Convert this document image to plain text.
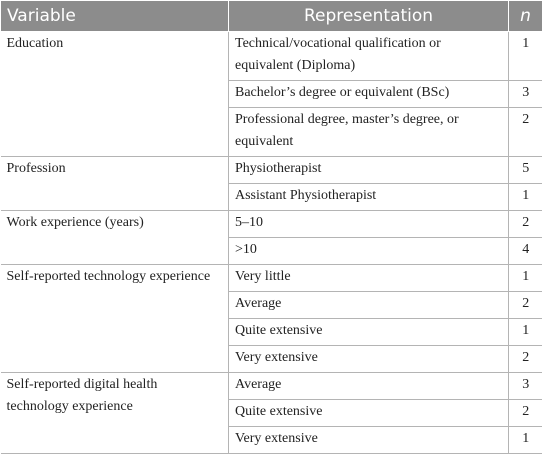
Variable	Representation	n
Education	Technical/vocational qualification or equivalent (Diploma)	1
	Bachelor’s degree or equivalent (BSc)	3
	Professional degree, master’s degree, or equivalent	2
Profession	Physiotherapist	5
	Assistant Physiotherapist	1
Work experience (years)	5–10	2
	>10	4
Self-reported technology experience	Very little	1
	Average	2
	Quite extensive	1
	Very extensive	2
Self-reported digital health technology experience	Average	3
	Quite extensive	2
	Very extensive	1
